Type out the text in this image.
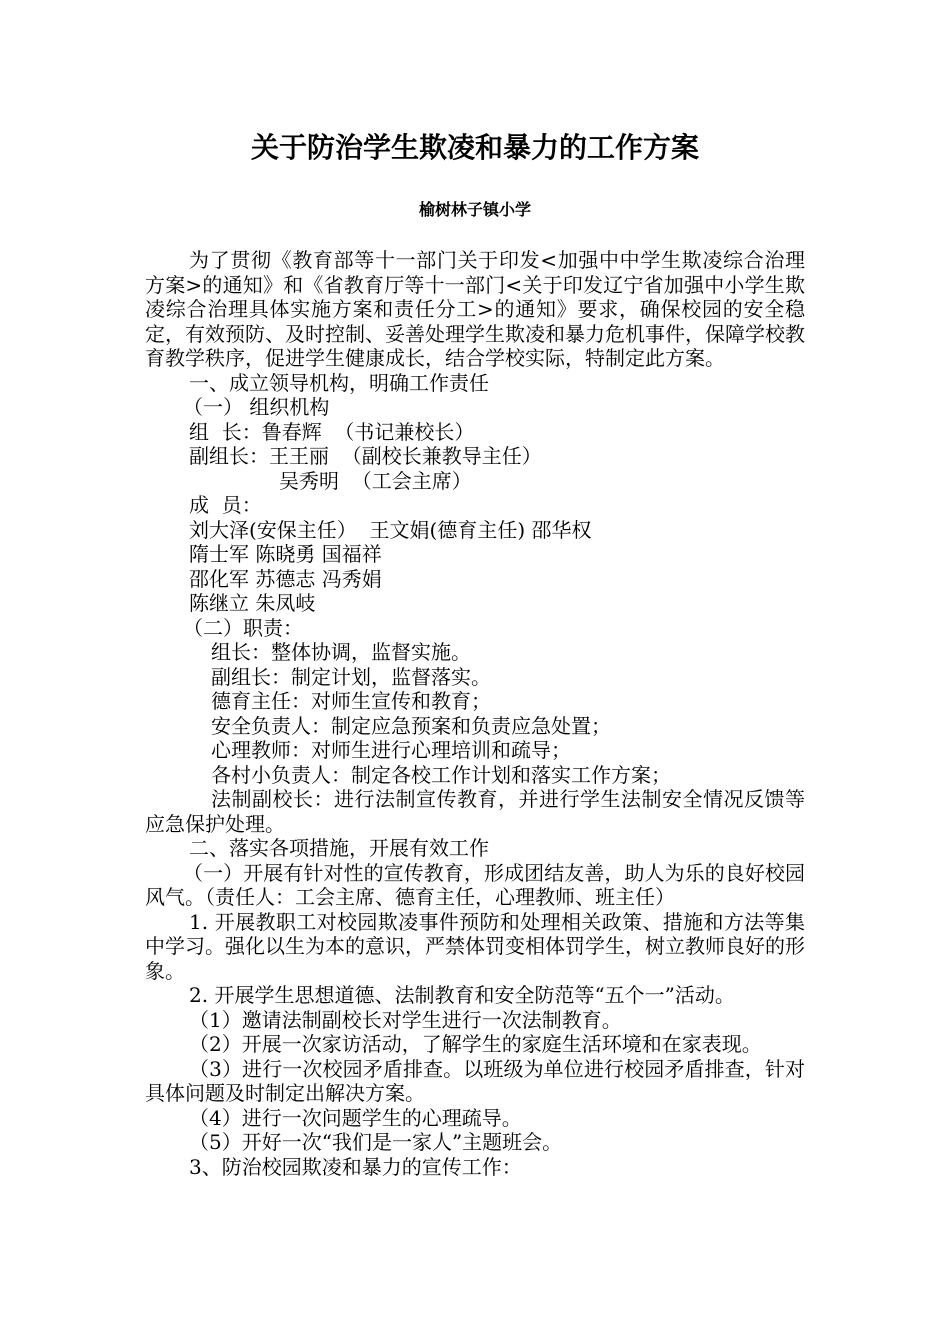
关于防治学生欺凌和暴力的工作方案
榆树林子镇小学

为了贯彻《教育部等十一部门关于印发<加强中中学生欺凌综合治理方案>的通知》和《省教育厅等十一部门<关于印发辽宁省加强中小学生欺凌综合治理具体实施方案和责任分工>的通知》要求，确保校园的安全稳定，有效预防、及时控制、妥善处理学生欺凌和暴力危机事件，保障学校教育教学秩序，促进学生健康成长，结合学校实际，特制定此方案。

一、成立领导机构，明确工作责任

（一） 组织机构

组  长：鲁春辉  （书记兼校长）

副组长：王王丽  （副校长兼教导主任）

吴秀明  （工会主席）

成  员：

刘大泽(安保主任）  王文娟(德育主任) 邵华权

隋士军 陈晓勇 国福祥

邵化军 苏德志 冯秀娟

陈继立 朱凤岐

（二）职责：

组长：整体协调，监督实施。

副组长：制定计划，监督落实。

德育主任：对师生宣传和教育；

安全负责人：制定应急预案和负责应急处置；

心理教师：对师生进行心理培训和疏导；

各村小负责人：制定各校工作计划和落实工作方案；

法制副校长：进行法制宣传教育，并进行学生法制安全情况反馈等应急保护处理。

二、落实各项措施，开展有效工作

（一）开展有针对性的宣传教育，形成团结友善，助人为乐的良好校园风气。（责任人：工会主席、德育主任，心理教师、班主任）

1. 开展教职工对校园欺凌事件预防和处理相关政策、措施和方法等集中学习。强化以生为本的意识，严禁体罚变相体罚学生，树立教师良好的形象。

2. 开展学生思想道德、法制教育和安全防范等“五个一”活动。

（1）邀请法制副校长对学生进行一次法制教育。

（2）开展一次家访活动，了解学生的家庭生活环境和在家表现。

（3）进行一次校园矛盾排查。以班级为单位进行校园矛盾排查，针对具体问题及时制定出解决方案。

（4）进行一次问题学生的心理疏导。

（5）开好一次“我们是一家人”主题班会。

3、防治校园欺凌和暴力的宣传工作：
